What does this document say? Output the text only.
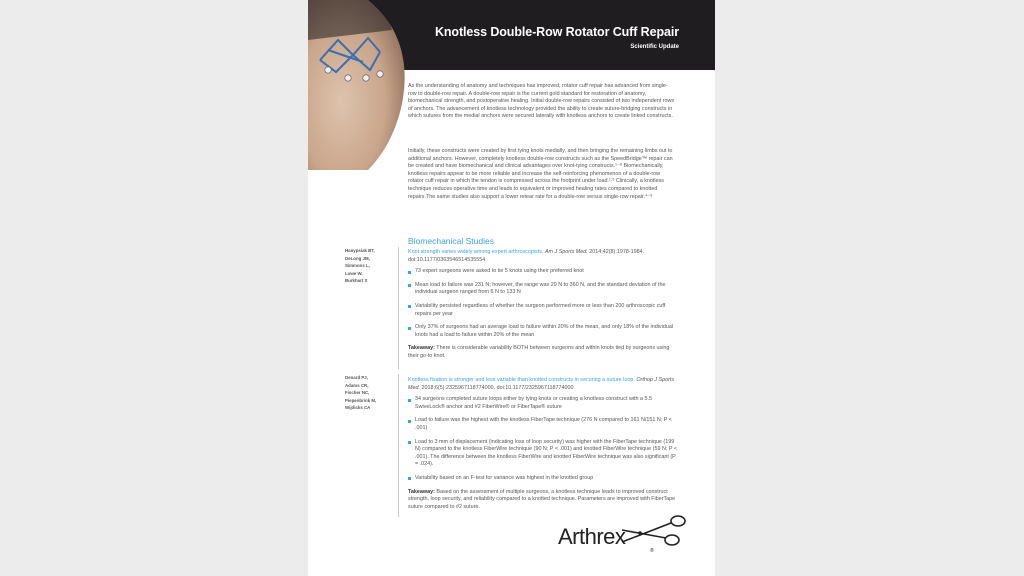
Knotless Double-Row Rotator Cuff Repair
Scientific Update

As the understanding of anatomy and techniques has improved, rotator cuff repair has advanced from single-row to double-row repair. A double-row repair is the current gold standard for restoration of anatomy, biomechanical strength, and postoperative healing. Initial double-row repairs consisted of two independent rows of anchors. The advancement of knotless technology provided the ability to create suture-bridging constructs in which sutures from the medial anchors were secured laterally with knotless anchors to create linked constructs.

Initially, these constructs were created by first tying knots medially, and then bringing the remaining limbs out to additional anchors. However, completely knotless double-row constructs such as the SpeedBridge™ repair can be created and have biomechanical and clinical advantages over knot-tying constructs.¹⁻⁸ Biomechanically, knotless repairs appear to be more reliable and increase the self-reinforcing phenomenon of a double-row rotator cuff repair in which the tendon is compressed across the footprint under load.¹·³ Clinically, a knotless technique reduces operative time and leads to equivalent or improved healing rates compared to knotted repairs.The same studies also support a lower retear rate for a double-row versus single-row repair.⁴⁻⁸

Biomechanical Studies
Hanypsiak BT,
DeLong JM,
Simmons L,
Lowe W,
Burkhart S
Knot strength varies widely among expert arthroscopists. Am J Sports Med. 2014;42(8):1978-1984. doi:10.1177/0363546514535554
73 expert surgeons were asked to tie 5 knots using their preferred knot
Mean load to failure was 231 N; however, the range was 29 N to 360 N, and the standard deviation of the individual surgeon ranged from 6 N to 133 N
Variability persisted regardless of whether the surgeon performed more or less than 200 arthroscopic cuff repairs per year
Only 37% of surgeons had an average load to failure within 20% of the mean, and only 18% of the individual knots had a load to failure within 20% of the mean
Takeaway: There is considerable variability BOTH between surgeons and within knots tied by surgeons using their go-to knot.
Denard PJ,
Adams CR,
Fischer NC,
Piepenbrink M,
Wijdicks CA
Knotless fixation is stronger and less variable than knotted constructs in securing a suture loop. Orthop J Sports Med. 2018;6(5):2325967118774000. doi:10.1177/2325967118774000
34 surgeons completed suture loops either by tying knots or creating a knotless construct with a 5.5 SwiveLock® anchor and #2 FiberWire® or FiberTape® suture
Load to failure was the highest with the knotless FiberTape technique (276 N compared to 161 N/151 N; P < .001)
Load to 3 mm of displacement (indicating loss of loop security) was higher with the FiberTape technique (199 N) compared to the knotless FiberWire technique (90 N; P < .001) and knotted FiberWire technique (59 N; P < .001). The difference between the knotless FiberWire and knotted FiberWire technique was also significant (P = .024).
Variability based on an F-test for variance was highest in the knotted group
Takeaway: Based on the assessment of multiple surgeons, a knotless technique leads to improved construct strength, loop security, and reliability compared to a knotted technique. Parameters are improved with FiberTape suture compared to #2 suture.
Arthrex
®
